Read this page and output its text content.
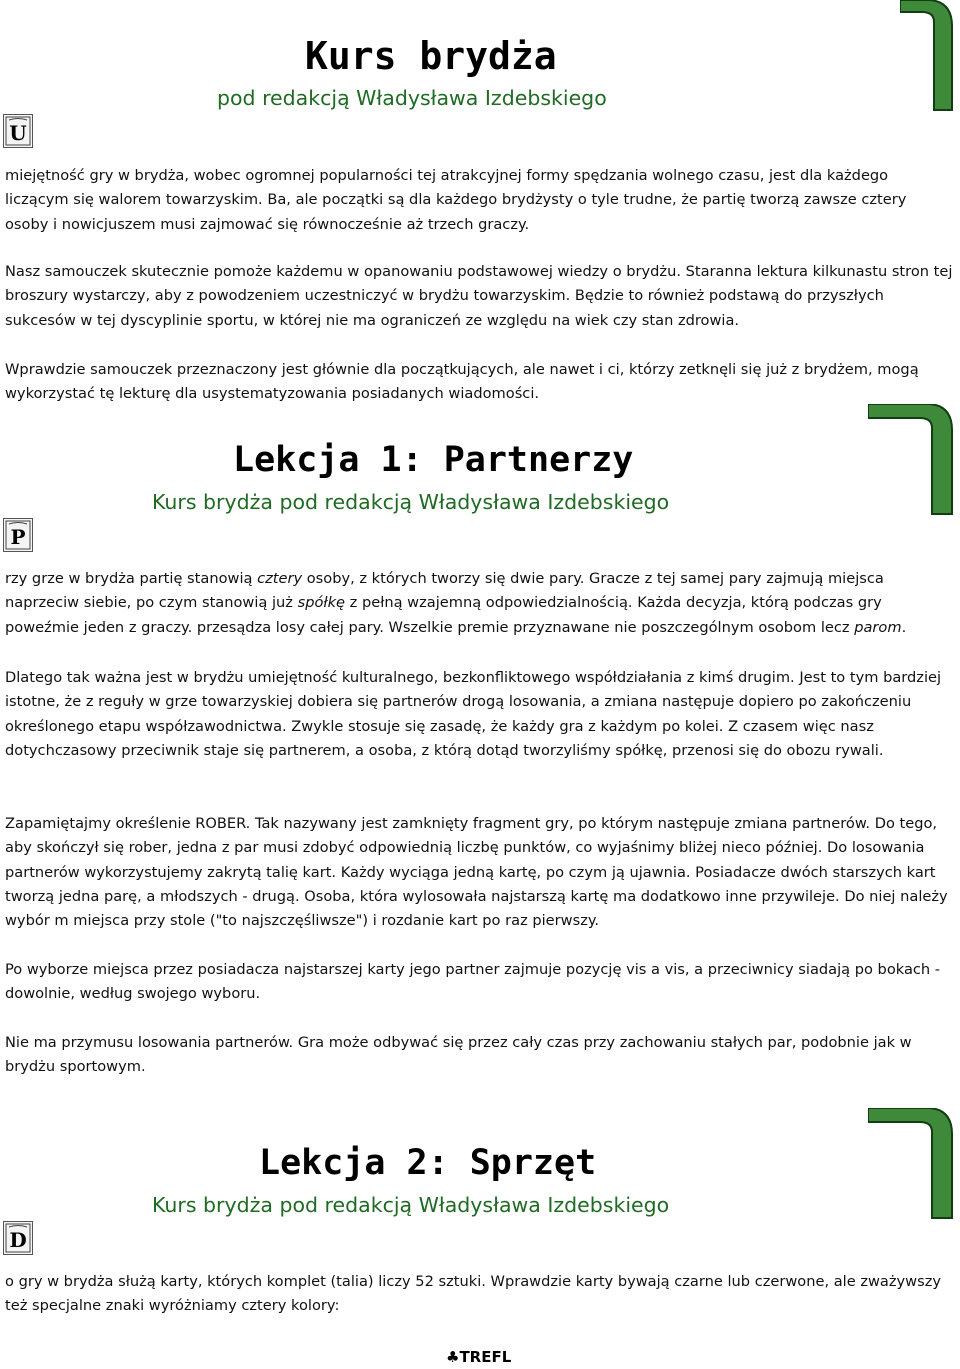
Kurs brydża

pod redakcją Władysława Izdebskiego

U

miejętność gry w brydża, wobec ogromnej popularności tej atrakcyjnej formy spędzania wolnego czasu, jest dla każdego liczącym się walorem towarzyskim. Ba, ale początki są dla każdego brydżysty o tyle trudne, że partię tworzą zawsze cztery osoby i nowicjuszem musi zajmować się równocześnie aż trzech graczy.

Nasz samouczek skutecznie pomoże każdemu w opanowaniu podstawowej wiedzy o brydżu. Staranna lektura kilkunastu stron tej broszury wystarczy, aby z powodzeniem uczestniczyć w brydżu towarzyskim. Będzie to również podstawą do przyszłych sukcesów w tej dyscyplinie sportu, w której nie ma ograniczeń ze względu na wiek czy stan zdrowia.

Wprawdzie samouczek przeznaczony jest głównie dla początkujących, ale nawet i ci, którzy zetknęli się już z brydżem, mogą wykorzystać tę lekturę dla usystematyzowania posiadanych wiadomości.

Lekcja 1: Partnerzy

Kurs brydża pod redakcją Władysława Izdebskiego

P

rzy grze w brydża partię stanowią cztery osoby, z których tworzy się dwie pary. Gracze z tej samej pary zajmują miejsca naprzeciw siebie, po czym stanowią już spółkę z pełną wzajemną odpowiedzialnością. Każda decyzja, którą podczas gry poweźmie jeden z graczy. przesądza losy całej pary. Wszelkie premie przyznawane nie poszczególnym osobom lecz parom.

Dlatego tak ważna jest w brydżu umiejętność kulturalnego, bezkonfliktowego współdziałania z kimś drugim. Jest to tym bardziej istotne, że z reguły w grze towarzyskiej dobiera się partnerów drogą losowania, a zmiana następuje dopiero po zakończeniu określonego etapu współzawodnictwa. Zwykle stosuje się zasadę, że każdy gra z każdym po kolei. Z czasem więc nasz dotychczasowy przeciwnik staje się partnerem, a osoba, z którą dotąd tworzyliśmy spółkę, przenosi się do obozu rywali.

Zapamiętajmy określenie ROBER. Tak nazywany jest zamknięty fragment gry, po którym następuje zmiana partnerów. Do tego, aby skończył się rober, jedna z par musi zdobyć odpowiednią liczbę punktów, co wyjaśnimy bliżej nieco później. Do losowania partnerów wykorzystujemy zakrytą talię kart. Każdy wyciąga jedną kartę, po czym ją ujawnia. Posiadacze dwóch starszych kart tworzą jedna parę, a młodszych - drugą. Osoba, która wylosowała najstarszą kartę ma dodatkowo inne przywileje. Do niej należy wybór m miejsca przy stole ("to najszczęśliwsze") i rozdanie kart po raz pierwszy.

Po wyborze miejsca przez posiadacza najstarszej karty jego partner zajmuje pozycję vis a vis, a przeciwnicy siadają po bokach - dowolnie, według swojego wyboru.

Nie ma przymusu losowania partnerów. Gra może odbywać się przez cały czas przy zachowaniu stałych par, podobnie jak w brydżu sportowym.

Lekcja 2: Sprzęt

Kurs brydża pod redakcją Władysława Izdebskiego

D

o gry w brydża służą karty, których komplet (talia) liczy 52 sztuki. Wprawdzie karty bywają czarne lub czerwone, ale zważywszy też specjalne znaki wyróżniamy cztery kolory:

♣TREFL
